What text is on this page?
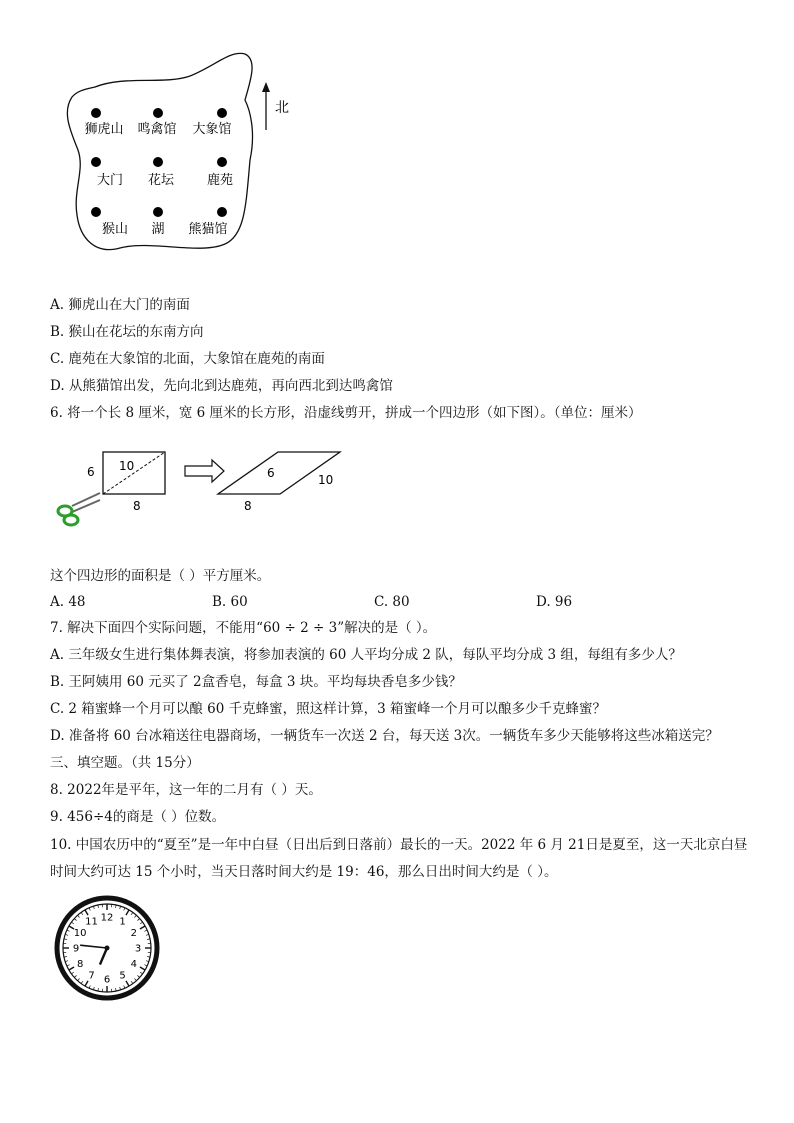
北
狮虎山 鸣禽馆 大象馆
大门 花坛	鹿苑
猴山 湖 熊猫馆
A. 狮虎山在大门的南面
B. 猴山在花坛的东南方向
C. 鹿苑在大象馆的北面，大象馆在鹿苑的南面
D. 从熊猫馆出发，先向北到达鹿苑，再向西北到达鸣禽馆
6. 将一个长 8 厘米，宽 6 厘米的长方形，沿虚线剪开，拼成一个四边形（如下图）。（单位：厘米）
6 10
8
6	10
8
这个四边形的面积是（ ）平方厘米。
A. 48	B. 60	C. 80	D. 96
7. 解决下面四个实际问题，不能用“60 ÷ 2 ÷ 3”解决的是（ ）。
A. 三年级女生进行集体舞表演，将参加表演的 60 人平均分成 2 队，每队平均分成 3 组，每组有多少人？
B. 王阿姨用 60 元买了 2盒香皂，每盒 3 块。平均每块香皂多少钱？
C. 2 箱蜜蜂一个月可以酿 60 千克蜂蜜，照这样计算，3 箱蜜峰一个月可以酿多少千克蜂蜜？
D. 准备将 60 台冰箱送往电器商场，一辆货车一次送 2 台，每天送 3次。一辆货车多少天能够将这些冰箱送完？
三、填空题。（共 15分）
8. 2022年是平年，这一年的二月有（ ）天。
9. 456÷4的商是（ ）位数。
10. 中国农历中的“夏至”是一年中白昼（日出后到日落前）最长的一天。2022 年 6 月 21日是夏至，这一天北京白昼
时间大约可达 15 个小时，当天日落时间大约是 19：46，那么日出时间大约是（ ）。
12 1
2
3
4
5
6
7
8
9
10
11
